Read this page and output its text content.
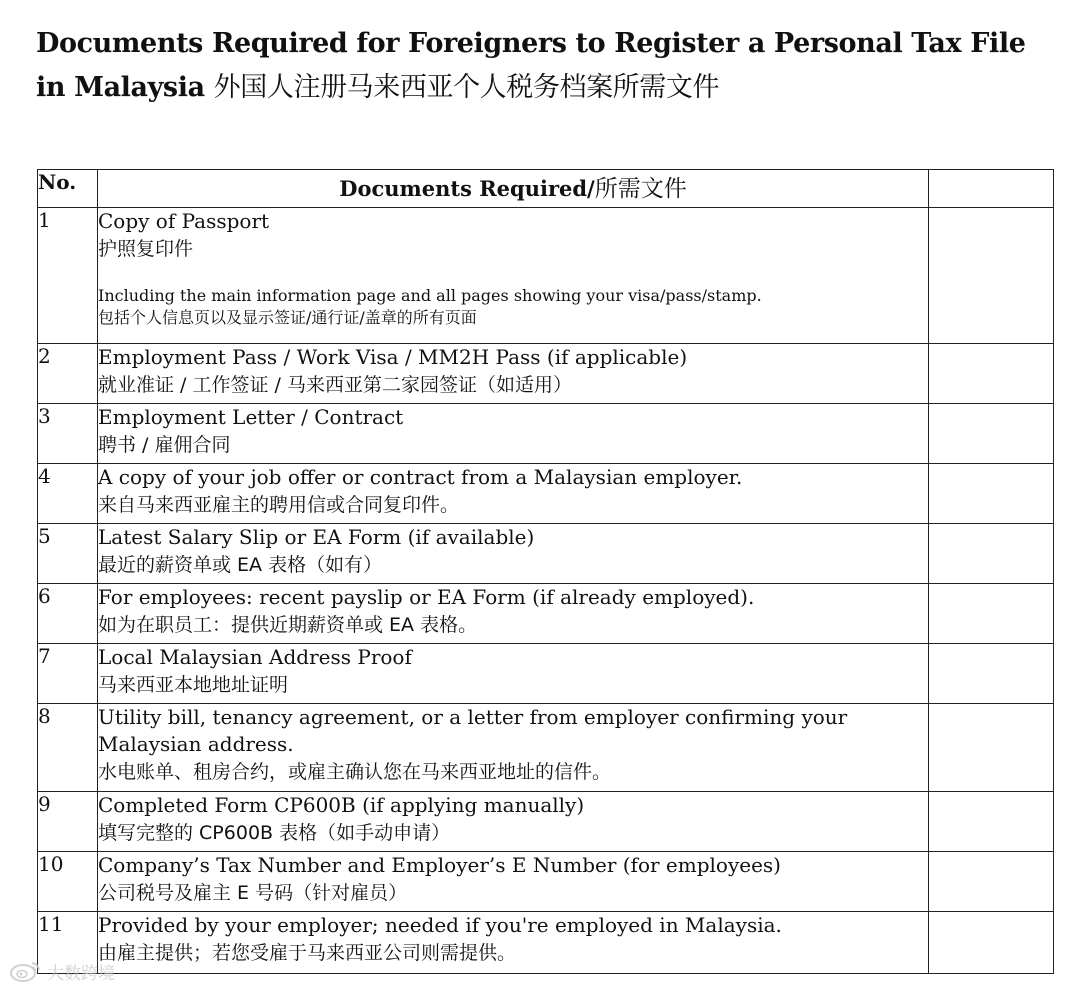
Documents Required for Foreigners to Register a Personal Tax File in Malaysia 外国人注册马来西亚个人税务档案所需文件
No.	Documents Required/所需文件	
1	Copy of Passport
护照复印件
Including the main information page and all pages showing your visa/pass/stamp.
包括个人信息页以及显示签证/通行证/盖章的所有页面	

2	Employment Pass / Work Visa / MM2H Pass (if applicable)
就业准证 / 工作签证 / 马来西亚第二家园签证（如适用）	

3	Employment Letter / Contract
聘书 / 雇佣合同	

4	A copy of your job offer or contract from a Malaysian employer.
来自马来西亚雇主的聘用信或合同复印件。	

5	Latest Salary Slip or EA Form (if available)
最近的薪资单或 EA 表格（如有）	

6	For employees: recent payslip or EA Form (if already employed).
如为在职员工：提供近期薪资单或 EA 表格。	

7	Local Malaysian Address Proof
马来西亚本地地址证明	

8	Utility bill, tenancy agreement, or a letter from employer confirming your Malaysian address.
水电账单、租房合约，或雇主确认您在马来西亚地址的信件。	

9	Completed Form CP600B (if applying manually)
填写完整的 CP600B 表格（如手动申请）	

10	Company’s Tax Number and Employer’s E Number (for employees)
公司税号及雇主 E 号码（针对雇员）	

11	Provided by your employer; needed if you're employed in Malaysia.
由雇主提供；若您受雇于马来西亚公司则需提供。	

大数跨境
